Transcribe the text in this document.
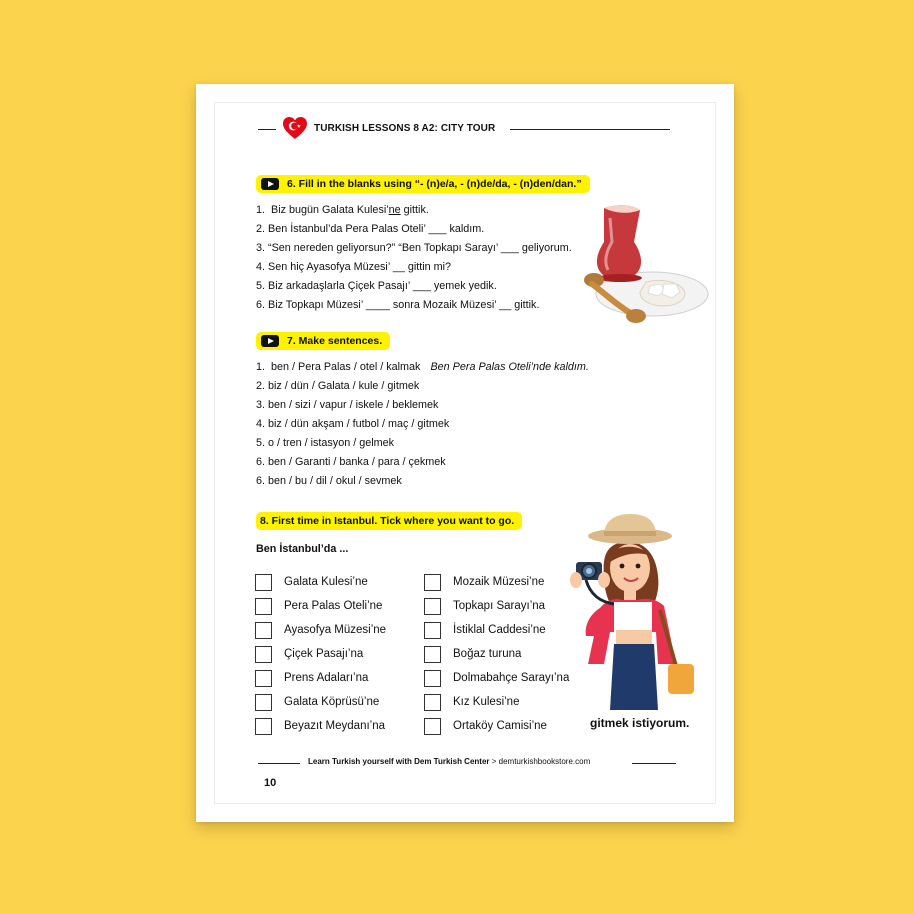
TURKISH LESSONS 8 A2: CITY TOUR
6. Fill in the blanks using “- (n)e/a, - (n)de/da, - (n)den/dan.”
1. Biz bugün Galata Kulesi’ne gittik.
2. Ben İstanbul’da Pera Palas Oteli’ ___ kaldım.
3. “Sen nereden geliyorsun?” “Ben Topkapı Sarayı’ ___ geliyorum.
4. Sen hiç Ayasofya Müzesi’ __ gittin mi?
5. Biz arkadaşlarla Çiçek Pasajı’ ___ yemek yedik.
6. Biz Topkapı Müzesi’ ____ sonra Mozaik Müzesi’ __ gittik.
7. Make sentences.
1. ben / Pera Palas / otel / kalmak Ben Pera Palas Oteli’nde kaldım.
2. biz / dün / Galata / kule / gitmek
3. ben / sizi / vapur / iskele / beklemek
4. biz / dün akşam / futbol / maç / gitmek
5. o / tren / istasyon / gelmek
6. ben / Garanti / banka / para / çekmek
6. ben / bu / dil / okul / sevmek
8. First time in Istanbul. Tick where you want to go.
Ben İstanbul’da ...
Galata Kulesi’ne
Pera Palas Oteli’ne
Ayasofya Müzesi’ne
Çiçek Pasajı’na
Prens Adaları’na
Galata Köprüsü’ne
Beyazıt Meydanı’na
Mozaik Müzesi’ne
Topkapı Sarayı’na
İstiklal Caddesi’ne
Boğaz turuna
Dolmabahçe Sarayı’na
Kız Kulesi’ne
Ortaköy Camisi’ne	gitmek istiyorum.
Learn Turkish yourself with Dem Turkish Center > demturkishbookstore.com
10
